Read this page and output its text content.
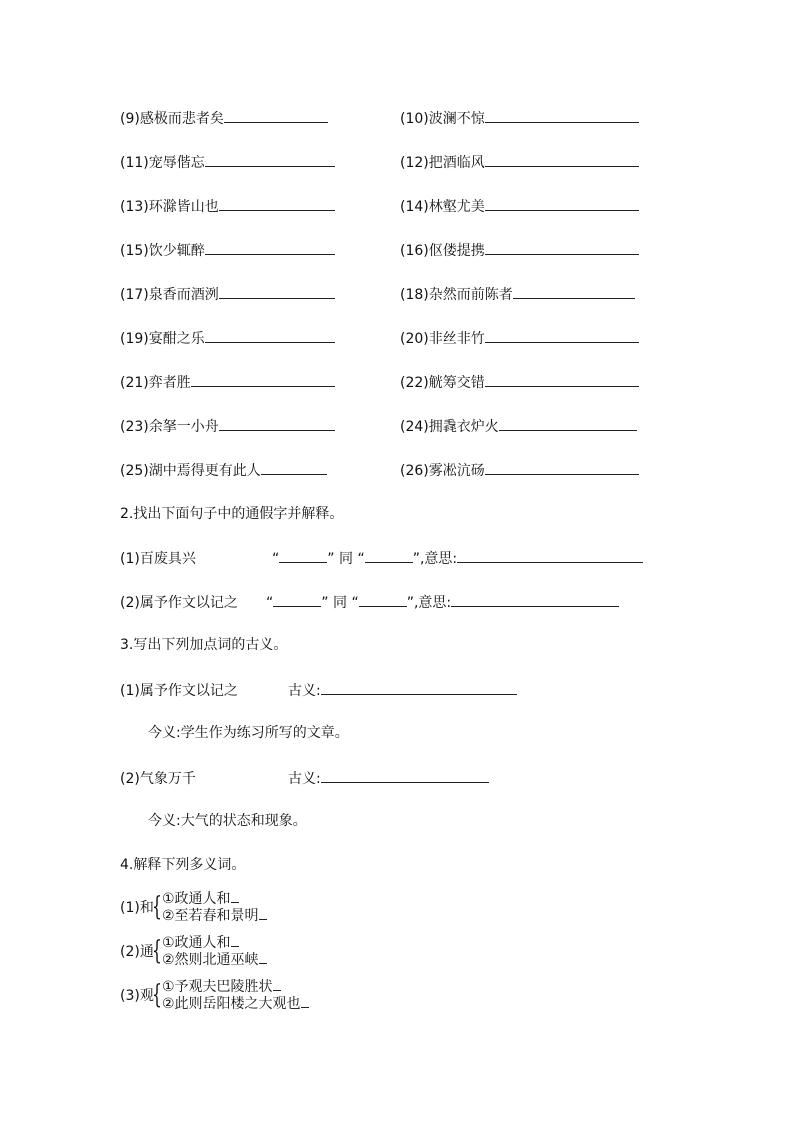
(9)感极而悲者矣	(10)波澜不惊
(11)宠辱偕忘	(12)把酒临风
(13)环滁皆山也	(14)林壑尤美
(15)饮少辄醉	(16)伛偻提携
(17)泉香而酒洌	(18)杂然而前陈者
(19)宴酣之乐	(20)非丝非竹
(21)弈者胜	(22)觥筹交错
(23)余拏一小舟	(24)拥毳衣炉火
(25)湖中焉得更有此人	(26)雾凇沆砀
2.找出下面句子中的通假字并解释。
(1)百废具兴	“	” 同 “	”,意思:
(2)属予作文以记之 “	” 同 “	”,意思:
3.写出下列加点词的古义。
(1)属予作文以记之	古义:
今义:学生作为练习所写的文章。
(2)气象万千	古义:
今义:大气的状态和现象。
4.解释下列多义词。
(1)和
{ ①政通人和
②至若春和景明
(2)通
{ ①政通人和
②然则北通巫峡
(3)观
{ ①予观夫巴陵胜状
②此则岳阳楼之大观也
